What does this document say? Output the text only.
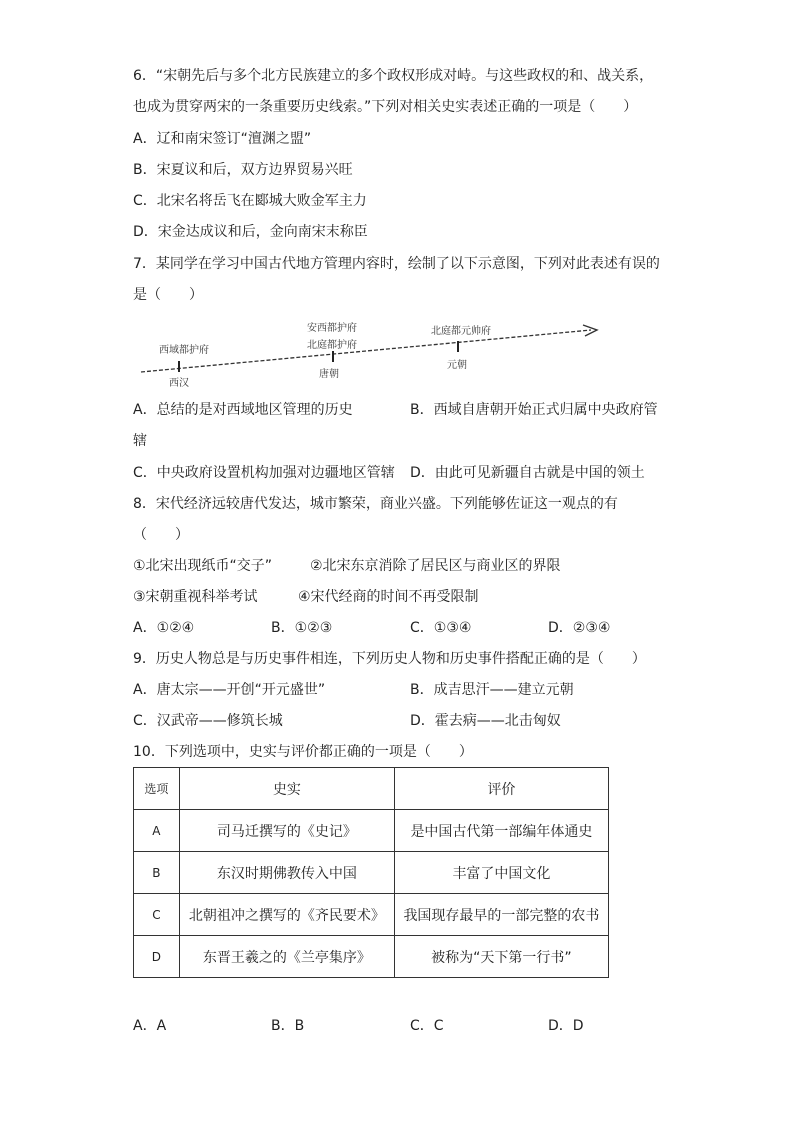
6．“宋朝先后与多个北方民族建立的多个政权形成对峙。与这些政权的和、战关系，
也成为贯穿两宋的一条重要历史线索。”下列对相关史实表述正确的一项是（　　）
A．辽和南宋签订“澶渊之盟”
B．宋夏议和后，双方边界贸易兴旺
C．北宋名将岳飞在郾城大败金军主力
D．宋金达成议和后，金向南宋末称臣
7．某同学在学习中国古代地方管理内容时，绘制了以下示意图，下列对此表述有误的
是（　　）
西域都护府
安西都护府
北庭都护府
北庭都元帅府
西汉
唐朝
元朝
A．总结的是对西域地区管理的历史	B．西域自唐朝开始正式归属中央政府管
辖
C．中央政府设置机构加强对边疆地区管辖 D．由此可见新疆自古就是中国的领土
8．宋代经济远较唐代发达，城市繁荣，商业兴盛。下列能够佐证这一观点的有
（　　）
①北宋出现纸币“交子”	②北宋东京消除了居民区与商业区的界限
③宋朝重视科举考试	④宋代经商的时间不再受限制
A．①②④	B．①②③	C．①③④	D．②③④
9．历史人物总是与历史事件相连，下列历史人物和历史事件搭配正确的是（　　）
A．唐太宗——开创“开元盛世”	B．成吉思汗——建立元朝
C．汉武帝——修筑长城	D．霍去病——北击匈奴
10．下列选项中，史实与评价都正确的一项是（　　）
选项	史实	评价
A	司马迁撰写的《史记》	是中国古代第一部编年体通史
B	东汉时期佛教传入中国	丰富了中国文化
C	北朝祖冲之撰写的《齐民要术》	我国现存最早的一部完整的农书
D	东晋王羲之的《兰亭集序》	被称为“天下第一行书”
A．A	B．B	C．C	D．D
